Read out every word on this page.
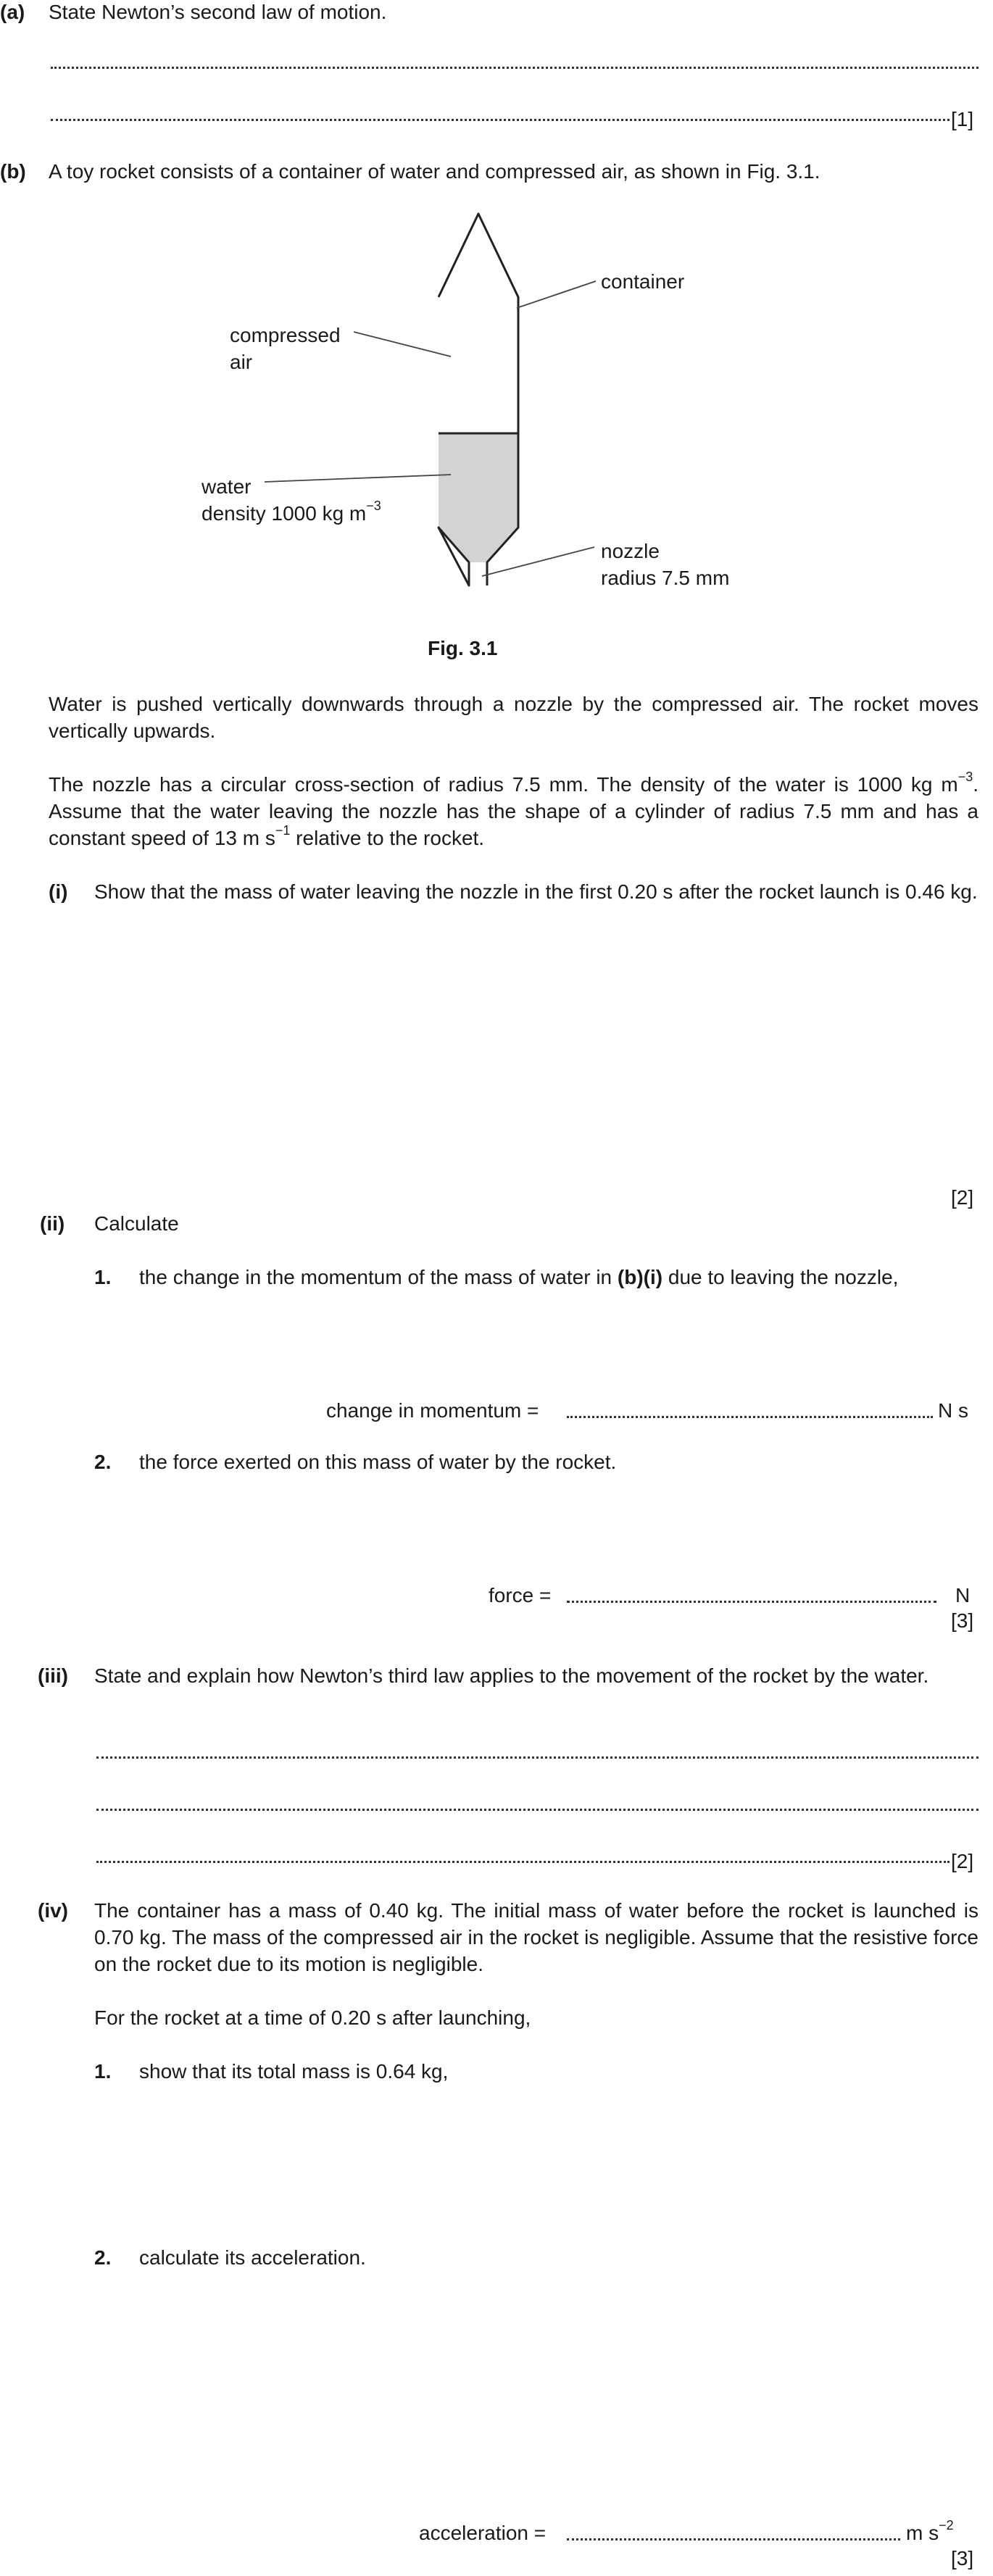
(a) State Newton’s second law of motion.
[1]
(b) A toy rocket consists of a container of water and compressed air, as shown in Fig. 3.1.
container
compressed
air
water
density 1000 kg $m^{-3}$
nozzle
radius 7.5 mm
Fig. 3.1
Water is pushed vertically downwards through a nozzle by the compressed air. The rocket moves vertically upwards.
The nozzle has a circular cross-section of radius 7.5 mm. The density of the water is 1000 kg $m^{-3}$. Assume that the water leaving the nozzle has the shape of a cylinder of radius 7.5 mm and has a constant speed of 13 m $s^{-1}$ relative to the rocket.
(i) Show that the mass of water leaving the nozzle in the first 0.20 s after the rocket launch is 0.46 kg.
[2]
(ii) Calculate
1. the change in the momentum of the mass of water in (b)(i) due to leaving the nozzle,
change in momentum =	N s
2. the force exerted on this mass of water by the rocket.
force =	N
[3]
(iii) State and explain how Newton’s third law applies to the movement of the rocket by the water.
[2]
(iv) The container has a mass of 0.40 kg. The initial mass of water before the rocket is launched is 0.70 kg. The mass of the compressed air in the rocket is negligible. Assume that the resistive force on the rocket due to its motion is negligible.
For the rocket at a time of 0.20 s after launching,
1. show that its total mass is 0.64 kg,
2. calculate its acceleration.
acceleration =	m $s^{-2}$
[3]
